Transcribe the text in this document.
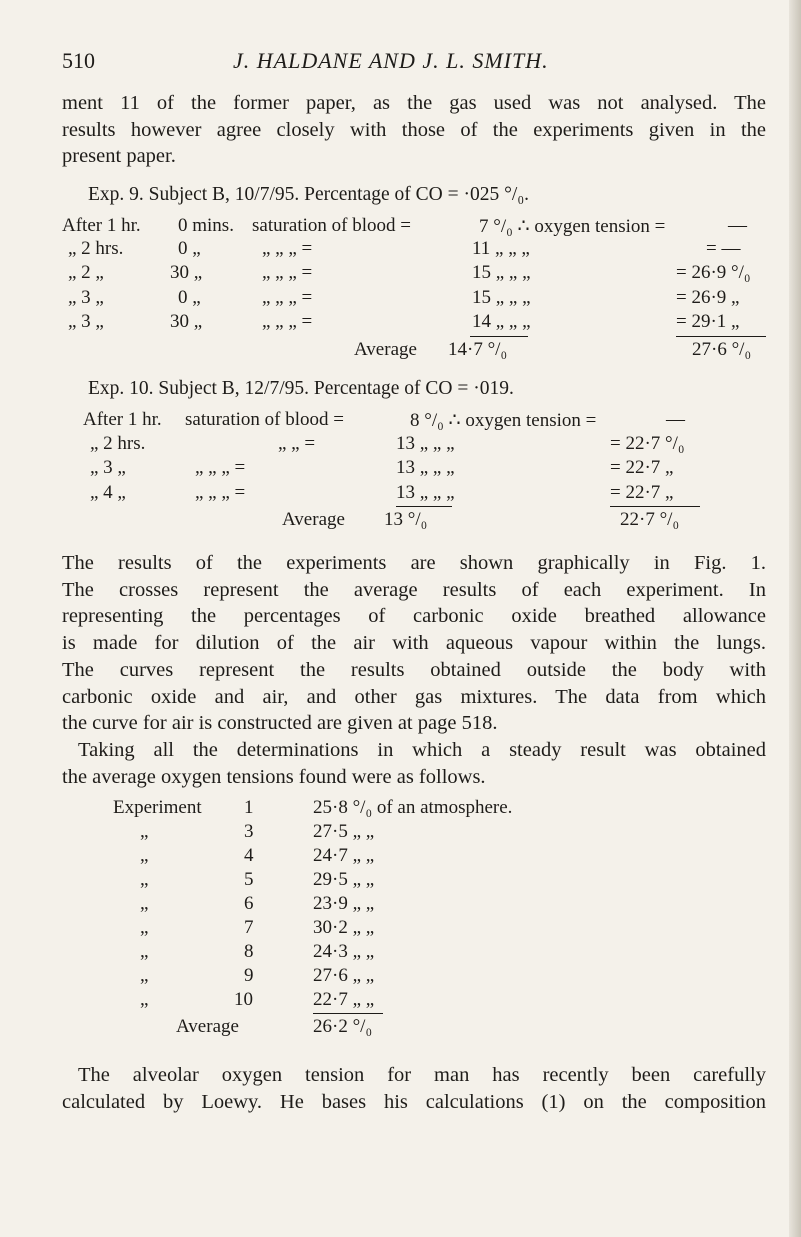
510	J. HALDANE AND J. L. SMITH.
ment 11 of the former paper, as the gas used was not analysed. The
results however agree closely with those of the experiments given in the
present paper.
Exp. 9. Subject B, 10/7/95. Percentage of CO = ·025 °/₀.
After 1 hr. 0 mins. saturation of blood =	7 °/₀ ∴ oxygen tension =	—
„ 2 hrs.	0 „	„ „ „ =	11 „ „ „	= —
„ 2 „	30 „	„ „ „ =	15 „ „ „	= 26·9 °/₀
„ 3 „	0 „	„ „ „ =	15 „ „ „	= 26·9 „
„ 3 „	30 „	„ „ „ =	14 „ „ „	= 29·1 „
Average 14·7 °/₀	27·6 °/₀
Exp. 10. Subject B, 12/7/95. Percentage of CO = ·019.
After 1 hr. saturation of blood =	8 °/₀ ∴ oxygen tension =	—
„ 2 hrs.	„ „ =	13 „ „ „	= 22·7 °/₀
„ 3 „	„ „ „ =	13 „ „ „	= 22·7 „
„ 4 „	„ „ „ =	13 „ „ „	= 22·7 „
Average 13 °/₀	22·7 °/₀
The results of the experiments are shown graphically in Fig. 1.
The crosses represent the average results of each experiment. In
representing the percentages of carbonic oxide breathed allowance
is made for dilution of the air with aqueous vapour within the lungs.
The curves represent the results obtained outside the body with
carbonic oxide and air, and other gas mixtures. The data from which
the curve for air is constructed are given at page 518.
Taking all the determinations in which a steady result was obtained
the average oxygen tensions found were as follows.
Experiment 1	25·8 °/₀ of an atmosphere.
„	3	27·5 „ „
„	4	24·7 „ „
„	5	29·5 „ „
„	6	23·9 „ „
„	7	30·2 „ „
„	8	24·3 „ „
„	9	27·6 „ „
„	10	22·7 „ „
Average	26·2 °/₀
The alveolar oxygen tension for man has recently been carefully
calculated by Loewy. He bases his calculations (1) on the composition
